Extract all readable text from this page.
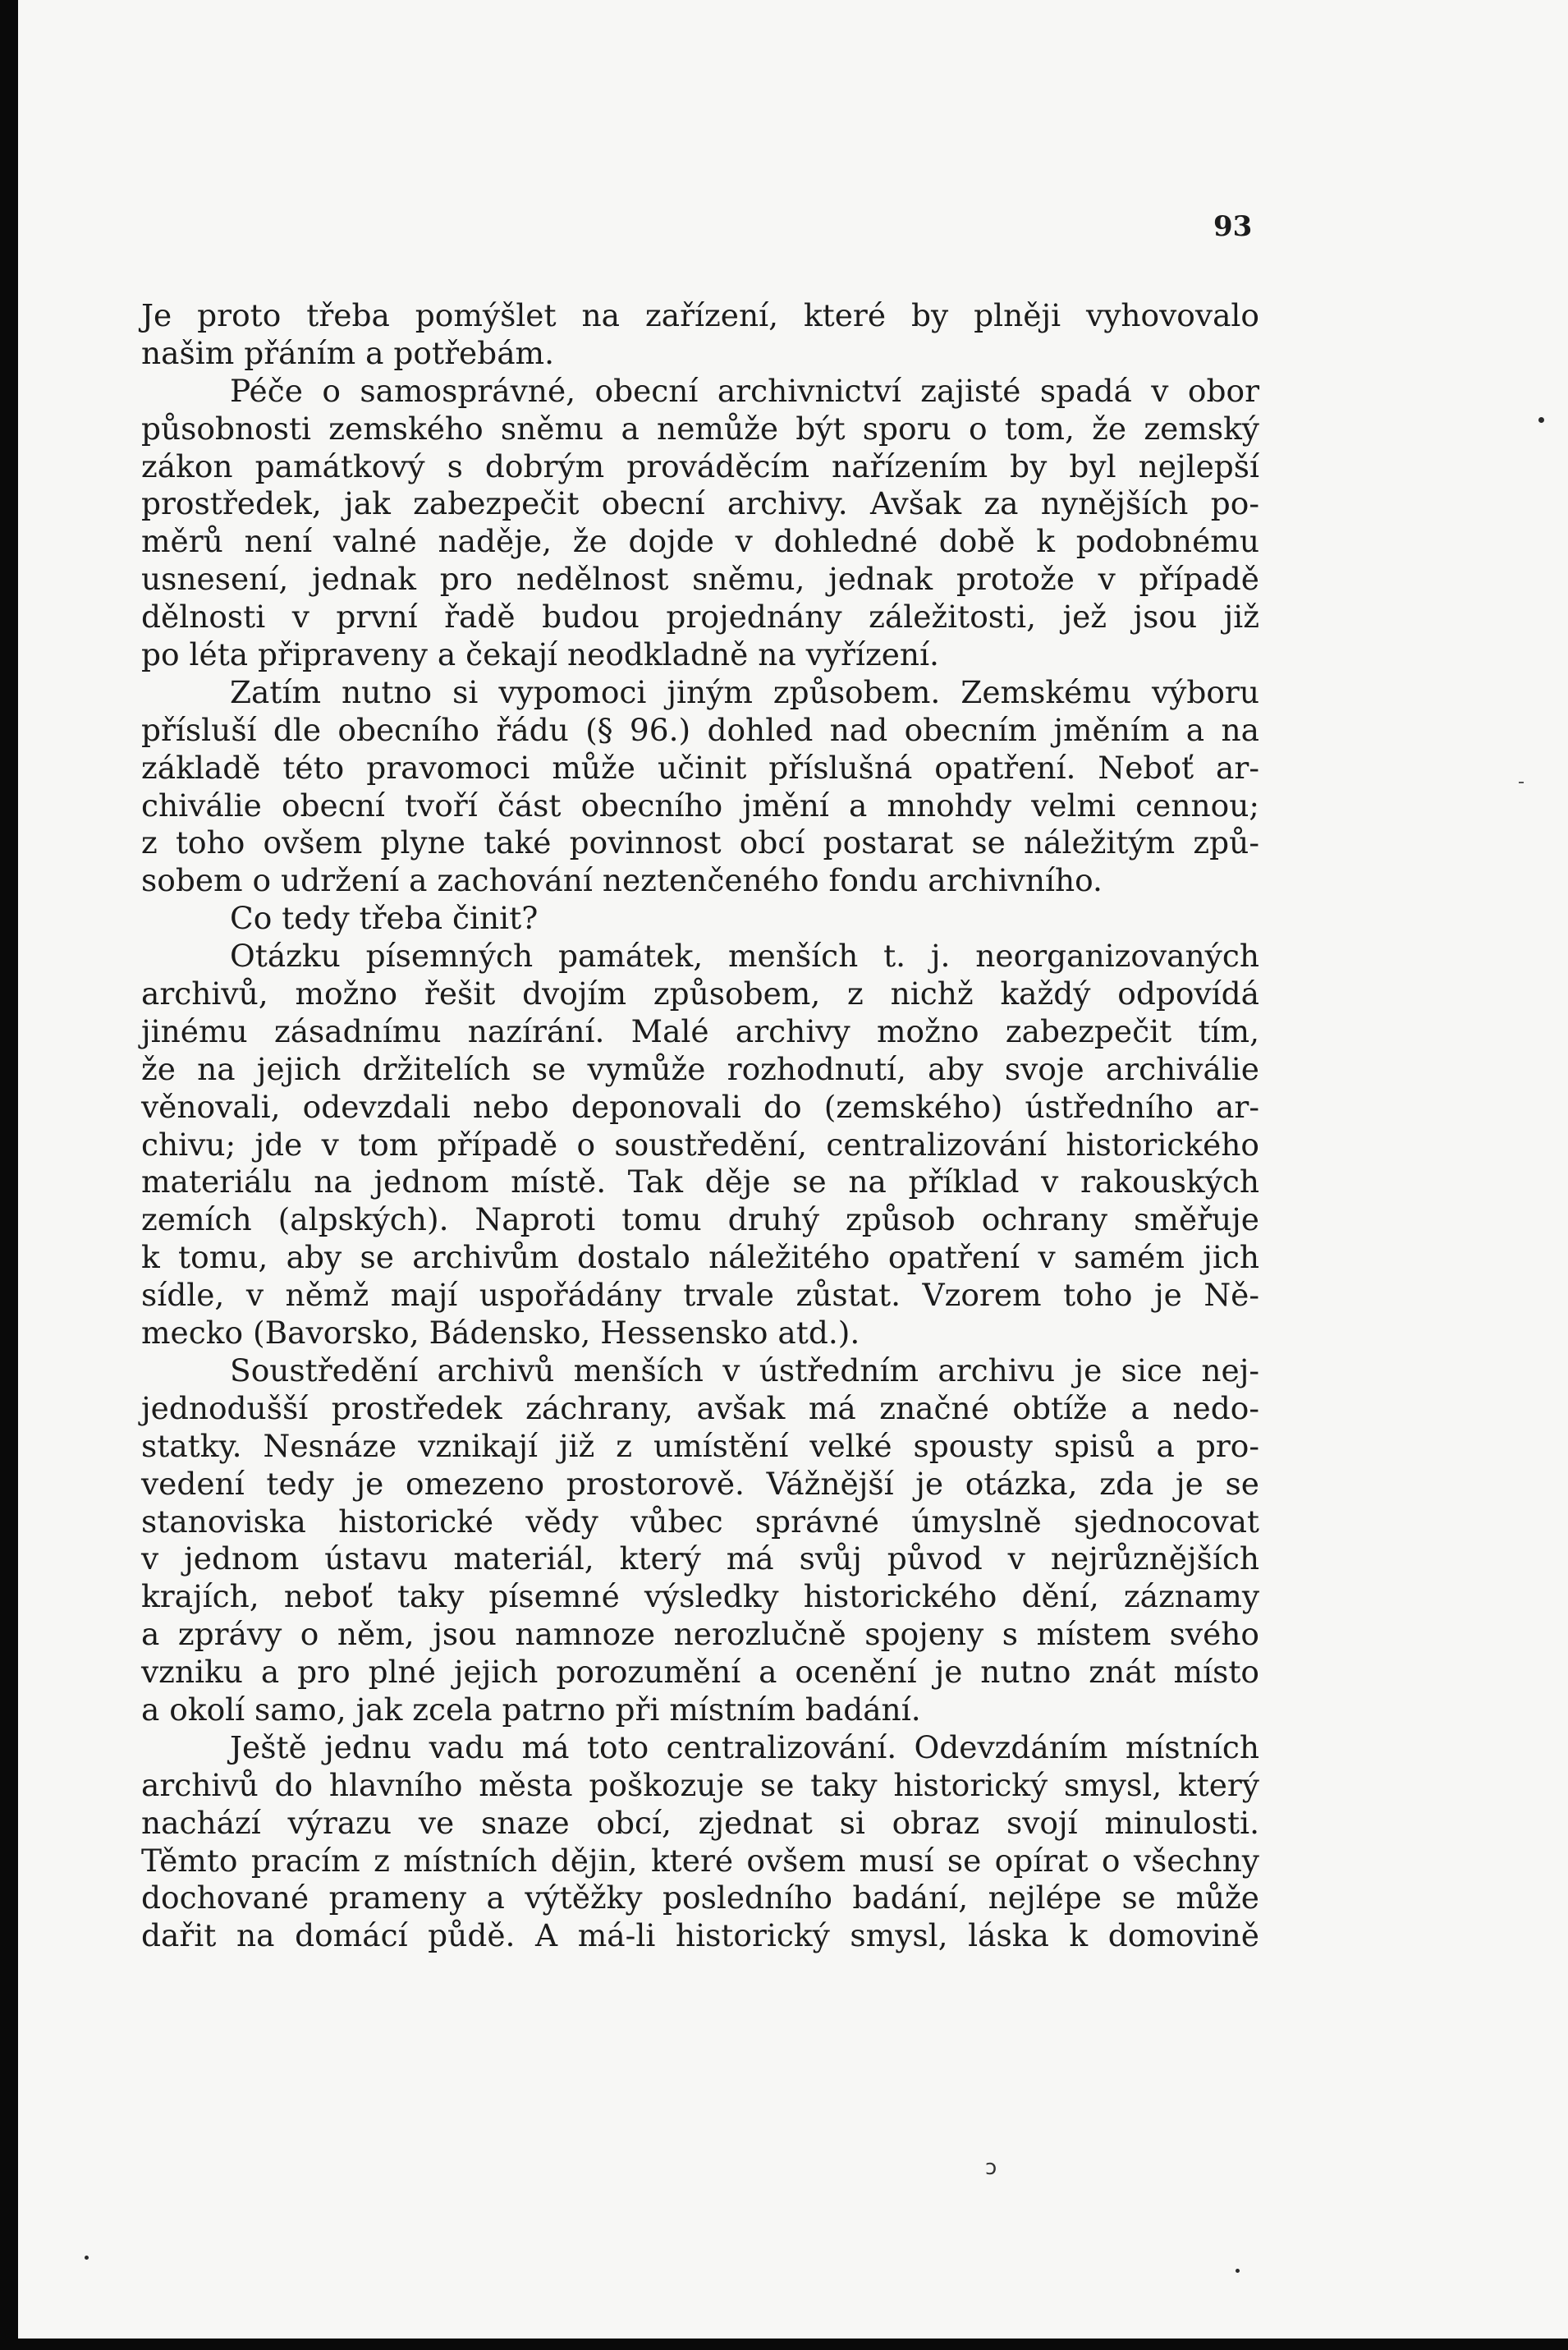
93
Je proto třeba pomýšlet na zařízení, které by plněji vyhovovalo
našim přáním a potřebám.
Péče o samosprávné, obecní archivnictví zajisté spadá v obor
působnosti zemského sněmu a nemůže být sporu o tom, že zemský
zákon památkový s dobrým prováděcím nařízením by byl nejlepší
prostředek, jak zabezpečit obecní archivy. Avšak za nynějších po-
měrů není valné naděje, že dojde v dohledné době k podobnému
usnesení, jednak pro nedělnost sněmu, jednak protože v případě
dělnosti v první řadě budou projednány záležitosti, jež jsou již
po léta připraveny a čekají neodkladně na vyřízení.
Zatím nutno si vypomoci jiným způsobem. Zemskému výboru
přísluší dle obecního řádu (§ 96.) dohled nad obecním jměním a na
základě této pravomoci může učinit příslušná opatření. Neboť ar-
chiválie obecní tvoří část obecního jmění a mnohdy velmi cennou;
z toho ovšem plyne také povinnost obcí postarat se náležitým způ-
sobem o udržení a zachování neztenčeného fondu archivního.
Co tedy třeba činit?
Otázku písemných památek, menších t. j. neorganizovaných
archivů, možno řešit dvojím způsobem, z nichž každý odpovídá
jinému zásadnímu nazírání. Malé archivy možno zabezpečit tím,
že na jejich držitelích se vymůže rozhodnutí, aby svoje archiválie
věnovali, odevzdali nebo deponovali do (zemského) ústředního ar-
chivu; jde v tom případě o soustředění, centralizování historického
materiálu na jednom místě. Tak děje se na příklad v rakouských
zemích (alpských). Naproti tomu druhý způsob ochrany směřuje
k tomu, aby se archivům dostalo náležitého opatření v samém jich
sídle, v němž mají uspořádány trvale zůstat. Vzorem toho je Ně-
mecko (Bavorsko, Bádensko, Hessensko atd.).
Soustředění archivů menších v ústředním archivu je sice nej-
jednodušší prostředek záchrany, avšak má značné obtíže a nedo-
statky. Nesnáze vznikají již z umístění velké spousty spisů a pro-
vedení tedy je omezeno prostorově. Vážnější je otázka, zda je se
stanoviska historické vědy vůbec správné úmyslně sjednocovat
v jednom ústavu materiál, který má svůj původ v nejrůznějších
krajích, neboť taky písemné výsledky historického dění, záznamy
a zprávy o něm, jsou namnoze nerozlučně spojeny s místem svého
vzniku a pro plné jejich porozumění a ocenění je nutno znát místo
a okolí samo, jak zcela patrno při místním badání.
Ještě jednu vadu má toto centralizování. Odevzdáním místních
archivů do hlavního města poškozuje se taky historický smysl, který
nachází výrazu ve snaze obcí, zjednat si obraz svojí minulosti.
Těmto pracím z místních dějin, které ovšem musí se opírat o všechny
dochované prameny a výtěžky posledního badání, nejlépe se může
dařit na domácí půdě. A má-li historický smysl, láska k domovině
ɔ
